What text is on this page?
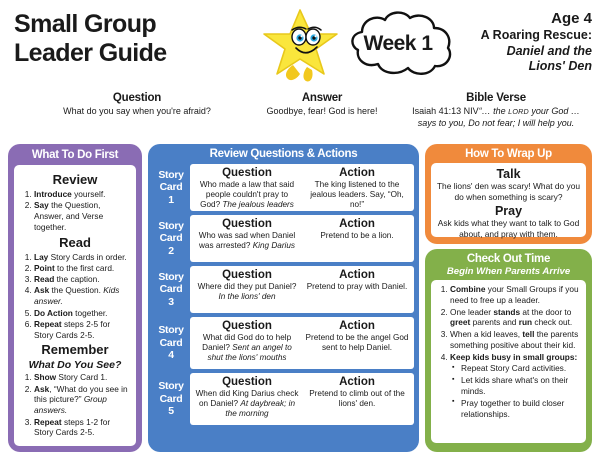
Small Group
Leader Guide	Week 1
Age 4
A Roaring Rescue:
Daniel and the
Lions' Den
Question
What do you say when you're afraid?
Answer
Goodbye, fear! God is here!
Bible Verse
Isaiah 41:13 NIV“… the LORD your God …
says to you, Do not fear; I will help you.
What To Do First
Review
1. Introduce yourself.
2. Say the Question, Answer, and Verse together.
Read
1. Lay Story Cards in order.
2. Point to the first card.
3. Read the caption.
4. Ask the Question. Kids answer.
5. Do Action together.
6. Repeat steps 2-5 for Story Cards 2-5.
Remember
What Do You See?
1. Show Story Card 1.
2. Ask, “What do you see in this picture?” Group answers.
3. Repeat steps 1-2 for Story Cards 2-5.
Review Questions & Actions
Story
Card
1
Question
Who made a law that said people couldn't pray to God? The jealous leaders
Action
The king listened to the jealous leaders. Say, “Oh, no!”
Story
Card
2
Question
Who was sad when Daniel was arrested? King Darius
Action
Pretend to be a lion.
Story
Card
3
Question
Where did they put Daniel? In the lions' den
Action
Pretend to pray with Daniel.
Story
Card
4
Question
What did God do to help Daniel? Sent an angel to shut the lions' mouths
Action
Pretend to be the angel God sent to help Daniel.
Story
Card
5
Question
When did King Darius check on Daniel? At daybreak; in the morning
Action
Pretend to climb out of the lions' den.
How To Wrap Up
Talk
The lions' den was scary! What do you do when something is scary?
Pray
Ask kids what they want to talk to God about, and pray with them.
Check Out Time
Begin When Parents Arrive
1. Combine your Small Groups if you need to free up a leader.
2. One leader stands at the door to greet parents and run check out.
3. When a kid leaves, tell the parents something positive about their kid.
4. Keep kids busy in small groups:
▪ Repeat Story Card activities.
▪ Let kids share what's on their minds.
▪ Pray together to build closer relationships.
